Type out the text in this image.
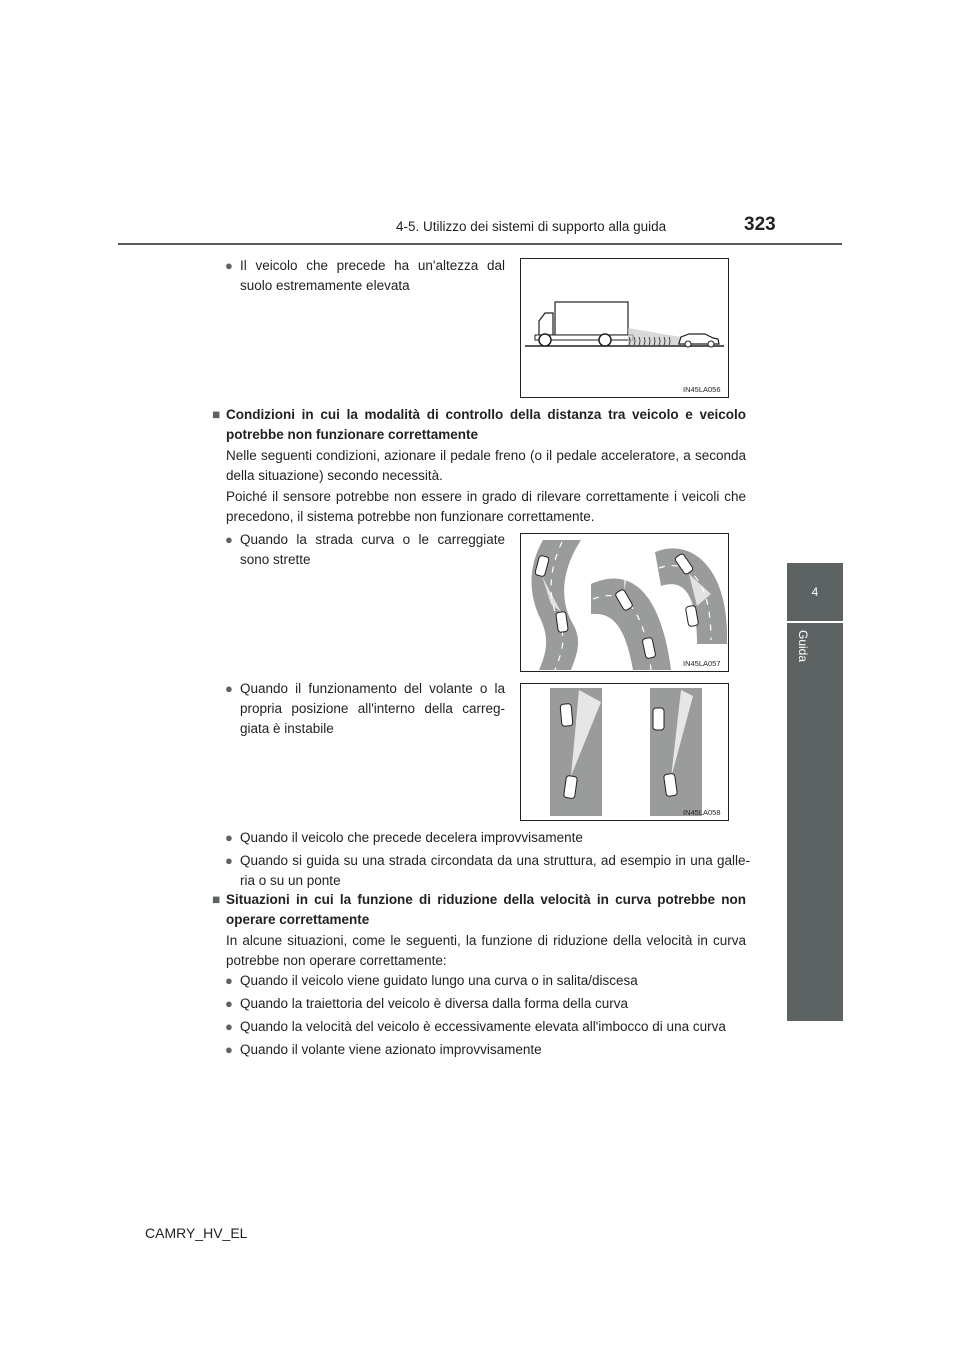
4-5. Utilizzo dei sistemi di supporto alla guida	323
4
Guida
● Il veicolo che precede ha un'altezza dal suolo estremamente elevata
IN45LA056
■ Condizioni in cui la modalità di controllo della distanza tra veicolo e veicolo potrebbe non funzionare correttamente
Nelle seguenti condizioni, azionare il pedale freno (o il pedale acceleratore, a seconda della situazione) secondo necessità.
Poiché il sensore potrebbe non essere in grado di rilevare correttamente i veicoli che precedono, il sistema potrebbe non funzionare correttamente.
● Quando la strada curva o le carreggiate sono strette
IN45LA057
● Quando il funzionamento del volante o la propria posizione all'interno della carreg-giata è instabile
IN45LA058
● Quando il veicolo che precede decelera improvvisamente
● Quando si guida su una strada circondata da una struttura, ad esempio in una galle-ria o su un ponte
■ Situazioni in cui la funzione di riduzione della velocità in curva potrebbe non operare correttamente
In alcune situazioni, come le seguenti, la funzione di riduzione della velocità in curva potrebbe non operare correttamente:
● Quando il veicolo viene guidato lungo una curva o in salita/discesa
● Quando la traiettoria del veicolo è diversa dalla forma della curva
● Quando la velocità del veicolo è eccessivamente elevata all'imbocco di una curva
● Quando il volante viene azionato improvvisamente
CAMRY_HV_EL
